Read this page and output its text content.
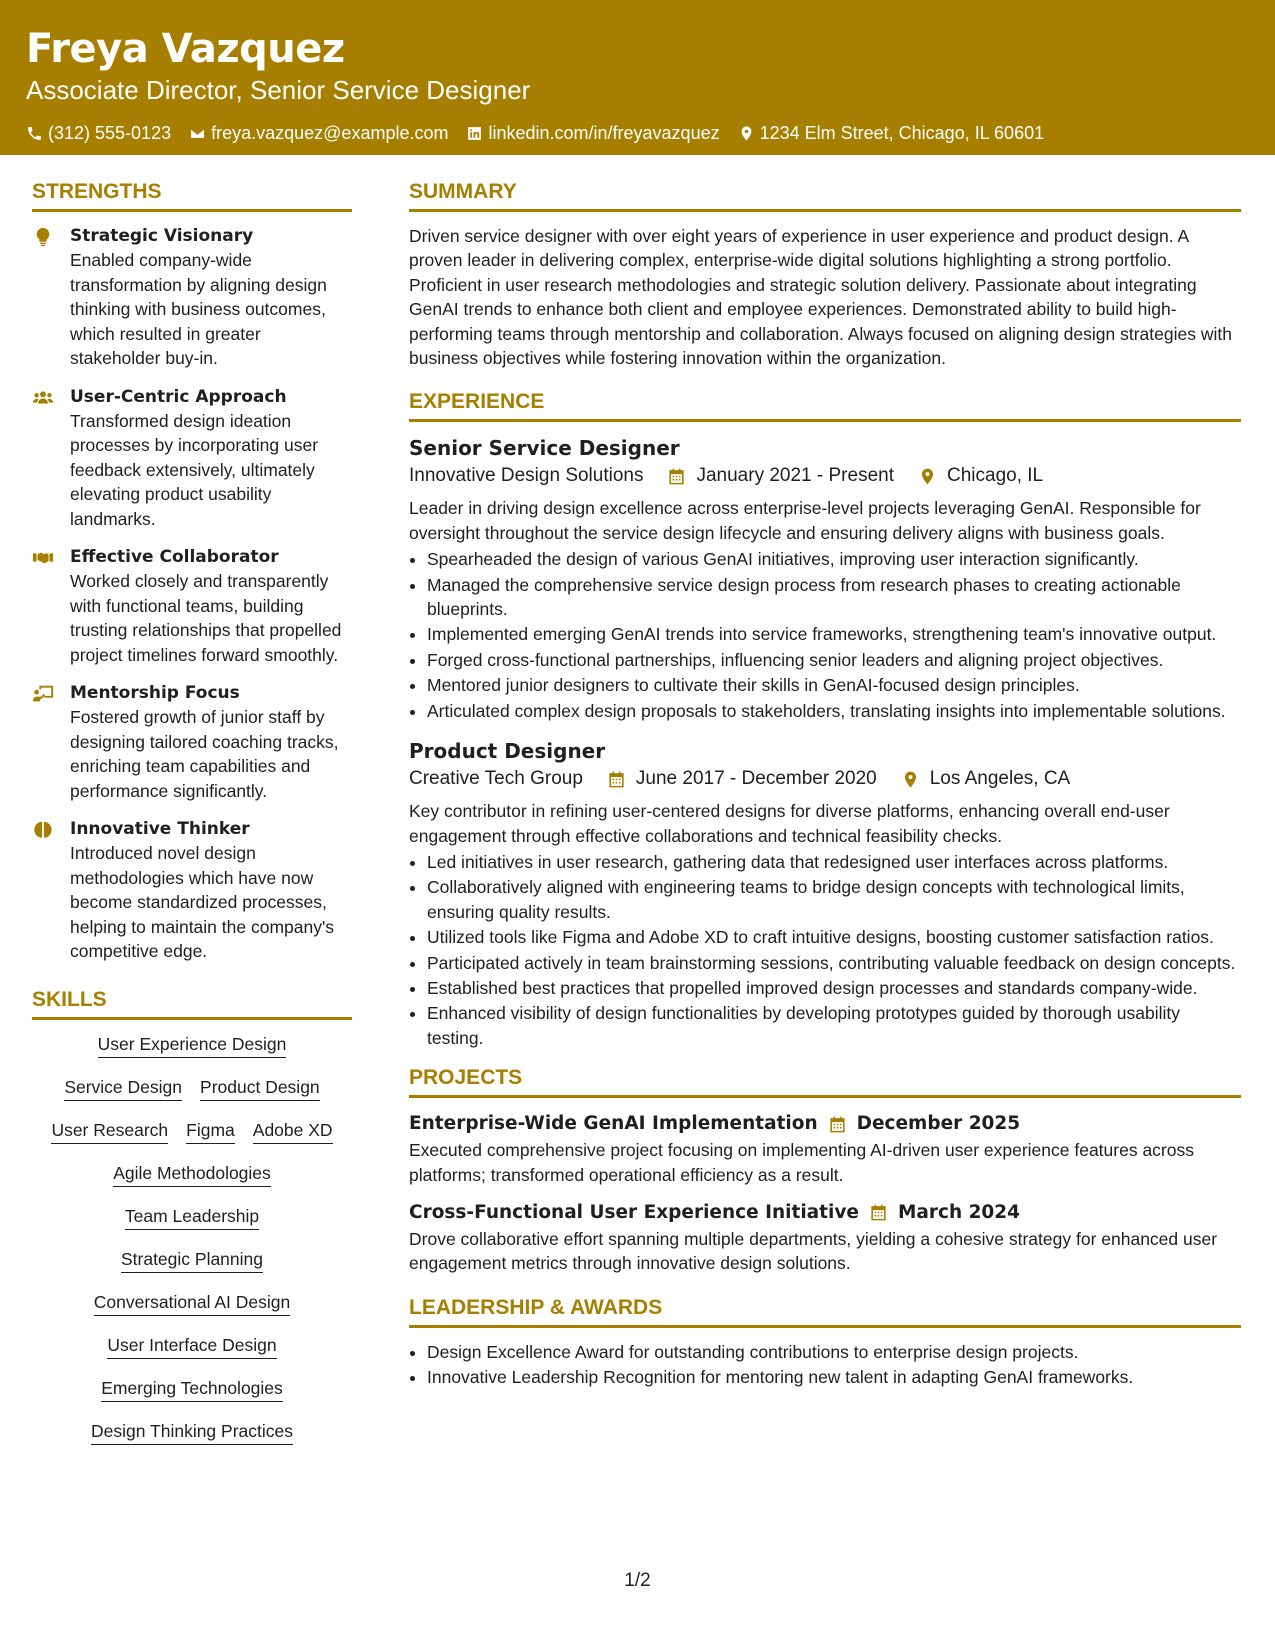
Freya Vazquez
Associate Director, Senior Service Designer
(312) 555-0123 freya.vazquez@example.com linkedin.com/in/freyavazquez 1234 Elm Street, Chicago, IL 60601
STRENGTHS
Strategic Visionary
Enabled company-wide transformation by aligning design thinking with business outcomes, which resulted in greater stakeholder buy-in.
User-Centric Approach
Transformed design ideation processes by incorporating user feedback extensively, ultimately elevating product usability landmarks.
Effective Collaborator
Worked closely and transparently with functional teams, building trusting relationships that propelled project timelines forward smoothly.
Mentorship Focus
Fostered growth of junior staff by designing tailored coaching tracks, enriching team capabilities and performance significantly.
Innovative Thinker
Introduced novel design methodologies which have now become standardized processes, helping to maintain the company's competitive edge.
SKILLS
User Experience Design
Service Design Product Design
User Research Figma Adobe XD
Agile Methodologies
Team Leadership
Strategic Planning
Conversational AI Design
User Interface Design
Emerging Technologies
Design Thinking Practices
SUMMARY

Driven service designer with over eight years of experience in user experience and product design. A proven leader in delivering complex, enterprise-wide digital solutions highlighting a strong portfolio. Proficient in user research methodologies and strategic solution delivery. Passionate about integrating GenAI trends to enhance both client and employee experiences. Demonstrated ability to build high-performing teams through mentorship and collaboration. Always focused on aligning design strategies with business objectives while fostering innovation within the organization.

EXPERIENCE
Senior Service Designer
Innovative Design Solutions	January 2021 - Present	Chicago, IL

Leader in driving design excellence across enterprise-level projects leveraging GenAI. Responsible for oversight throughout the service design lifecycle and ensuring delivery aligns with business goals.

• Spearheaded the design of various GenAI initiatives, improving user interaction significantly.
• Managed the comprehensive service design process from research phases to creating actionable blueprints.
• Implemented emerging GenAI trends into service frameworks, strengthening team's innovative output.
• Forged cross-functional partnerships, influencing senior leaders and aligning project objectives.
• Mentored junior designers to cultivate their skills in GenAI-focused design principles.
• Articulated complex design proposals to stakeholders, translating insights into implementable solutions.
Product Designer
Creative Tech Group	June 2017 - December 2020	Los Angeles, CA

Key contributor in refining user-centered designs for diverse platforms, enhancing overall end-user engagement through effective collaborations and technical feasibility checks.

• Led initiatives in user research, gathering data that redesigned user interfaces across platforms.
• Collaboratively aligned with engineering teams to bridge design concepts with technological limits, ensuring quality results.
• Utilized tools like Figma and Adobe XD to craft intuitive designs, boosting customer satisfaction ratios.
• Participated actively in team brainstorming sessions, contributing valuable feedback on design concepts.
• Established best practices that propelled improved design processes and standards company-wide.
• Enhanced visibility of design functionalities by developing prototypes guided by thorough usability testing.
PROJECTS
Enterprise-Wide GenAI Implementation December 2025

Executed comprehensive project focusing on implementing AI-driven user experience features across platforms; transformed operational efficiency as a result.

Cross-Functional User Experience Initiative March 2024

Drove collaborative effort spanning multiple departments, yielding a cohesive strategy for enhanced user engagement metrics through innovative design solutions.

LEADERSHIP & AWARDS
• Design Excellence Award for outstanding contributions to enterprise design projects.
• Innovative Leadership Recognition for mentoring new talent in adapting GenAI frameworks.
1/2
